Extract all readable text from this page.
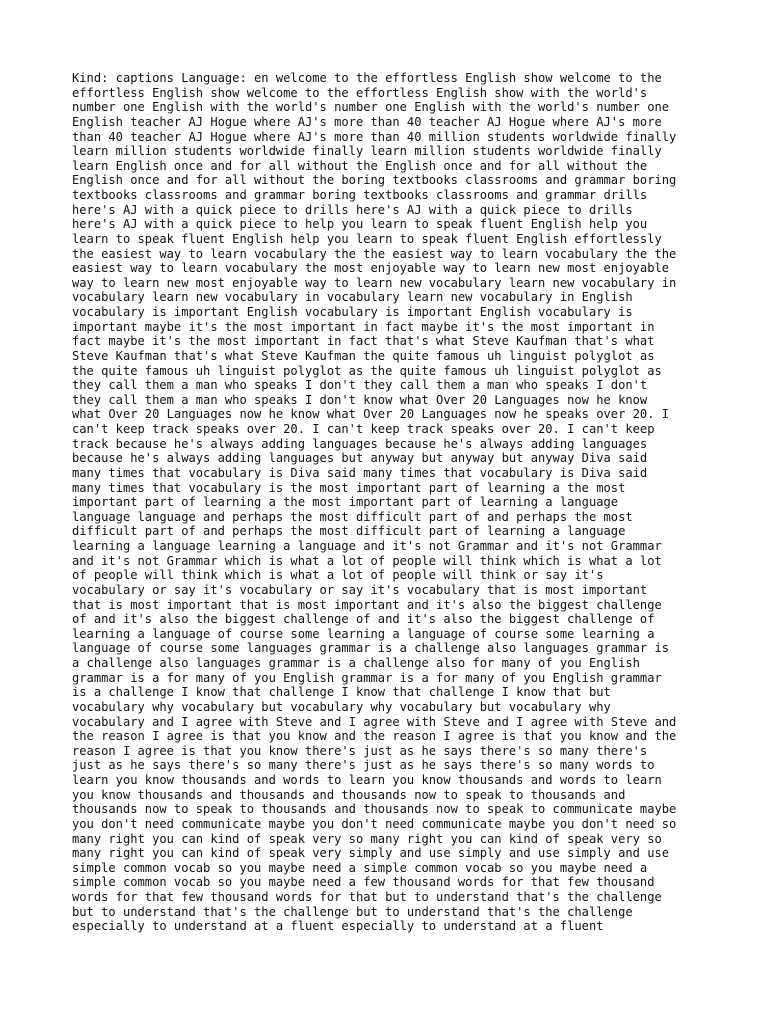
Kind: captions Language: en welcome to the effortless English show welcome to the
effortless English show welcome to the effortless English show with the world's
number one English with the world's number one English with the world's number one
English teacher AJ Hogue where AJ's more than 40 teacher AJ Hogue where AJ's more
than 40 teacher AJ Hogue where AJ's more than 40 million students worldwide finally
learn million students worldwide finally learn million students worldwide finally
learn English once and for all without the English once and for all without the
English once and for all without the boring textbooks classrooms and grammar boring
textbooks classrooms and grammar boring textbooks classrooms and grammar drills
here's AJ with a quick piece to drills here's AJ with a quick piece to drills
here's AJ with a quick piece to help you learn to speak fluent English help you
learn to speak fluent English help you learn to speak fluent English effortlessly
the easiest way to learn vocabulary the the easiest way to learn vocabulary the the
easiest way to learn vocabulary the most enjoyable way to learn new most enjoyable
way to learn new most enjoyable way to learn new vocabulary learn new vocabulary in
vocabulary learn new vocabulary in vocabulary learn new vocabulary in English
vocabulary is important English vocabulary is important English vocabulary is
important maybe it's the most important in fact maybe it's the most important in
fact maybe it's the most important in fact that's what Steve Kaufman that's what
Steve Kaufman that's what Steve Kaufman the quite famous uh linguist polyglot as
the quite famous uh linguist polyglot as the quite famous uh linguist polyglot as
they call them a man who speaks I don't they call them a man who speaks I don't
they call them a man who speaks I don't know what Over 20 Languages now he know
what Over 20 Languages now he know what Over 20 Languages now he speaks over 20. I
can't keep track speaks over 20. I can't keep track speaks over 20. I can't keep
track because he's always adding languages because he's always adding languages
because he's always adding languages but anyway but anyway but anyway Diva said
many times that vocabulary is Diva said many times that vocabulary is Diva said
many times that vocabulary is the most important part of learning a the most
important part of learning a the most important part of learning a language
language language and perhaps the most difficult part of and perhaps the most
difficult part of and perhaps the most difficult part of learning a language
learning a language learning a language and it's not Grammar and it's not Grammar
and it's not Grammar which is what a lot of people will think which is what a lot
of people will think which is what a lot of people will think or say it's
vocabulary or say it's vocabulary or say it's vocabulary that is most important
that is most important that is most important and it's also the biggest challenge
of and it's also the biggest challenge of and it's also the biggest challenge of
learning a language of course some learning a language of course some learning a
language of course some languages grammar is a challenge also languages grammar is
a challenge also languages grammar is a challenge also for many of you English
grammar is a for many of you English grammar is a for many of you English grammar
is a challenge I know that challenge I know that challenge I know that but
vocabulary why vocabulary but vocabulary why vocabulary but vocabulary why
vocabulary and I agree with Steve and I agree with Steve and I agree with Steve and
the reason I agree is that you know and the reason I agree is that you know and the
reason I agree is that you know there's just as he says there's so many there's
just as he says there's so many there's just as he says there's so many words to
learn you know thousands and words to learn you know thousands and words to learn
you know thousands and thousands and thousands now to speak to thousands and
thousands now to speak to thousands and thousands now to speak to communicate maybe
you don't need communicate maybe you don't need communicate maybe you don't need so
many right you can kind of speak very so many right you can kind of speak very so
many right you can kind of speak very simply and use simply and use simply and use
simple common vocab so you maybe need a simple common vocab so you maybe need a
simple common vocab so you maybe need a few thousand words for that few thousand
words for that few thousand words for that but to understand that's the challenge
but to understand that's the challenge but to understand that's the challenge
especially to understand at a fluent especially to understand at a fluent
